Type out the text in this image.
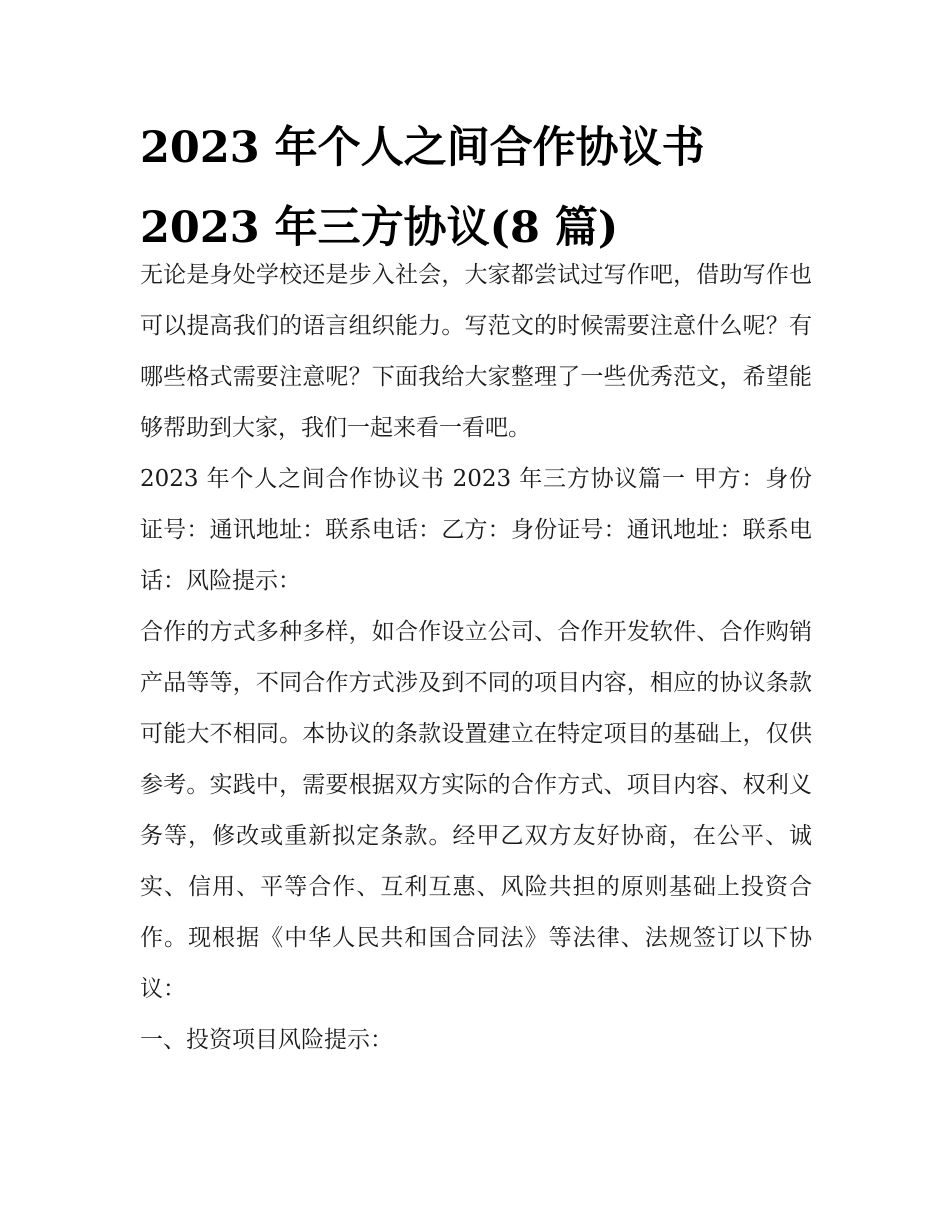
2023 年个人之间合作协议书
2023 年三方协议(8 篇)

无论是身处学校还是步入社会，大家都尝试过写作吧，借助写作也可以提高我们的语言组织能力。写范文的时候需要注意什么呢？有哪些格式需要注意呢？下面我给大家整理了一些优秀范文，希望能够帮助到大家，我们一起来看一看吧。

2023 年个人之间合作协议书 2023 年三方协议篇一 甲方：身份证号：通讯地址：联系电话：乙方：身份证号：通讯地址：联系电话：风险提示：

合作的方式多种多样，如合作设立公司、合作开发软件、合作购销产品等等，不同合作方式涉及到不同的项目内容，相应的协议条款可能大不相同。本协议的条款设置建立在特定项目的基础上，仅供参考。实践中，需要根据双方实际的合作方式、项目内容、权利义务等，修改或重新拟定条款。经甲乙双方友好协商，在公平、诚实、信用、平等合作、互利互惠、风险共担的原则基础上投资合作。现根据《中华人民共和国合同法》等法律、法规签订以下协议：

一、投资项目风险提示：
